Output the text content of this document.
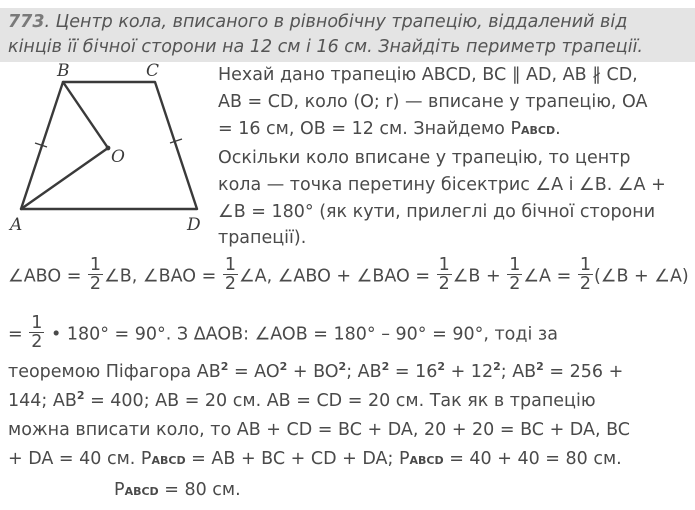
773. Центр кола, вписаного в рівнобічну трапецію, віддалений від
кінців її бічної сторони на 12 см і 16 см. Знайдіть периметр трапеції.
B	C
O
A	D
Нехай дано трапецію ABCD, BC ∥ AD, AB ∦ CD,
AB = CD, коло (O; r) — вписане у трапецію, OA
= 16 см, OB = 12 см. Знайдемо PABCD.
Оскільки коло вписане у трапецію, то центр
кола — точка перетину бісектрис ∠A і ∠B. ∠A +
∠B = 180° (як кути, прилеглі до бічної сторони
трапеції).
∠ABO = $\frac{1}{2}$ ∠B, ∠BAO = $\frac{1}{2}$ ∠A, ∠ABO + ∠BAO = $\frac{1}{2}$ ∠B + $\frac{1}{2}$ ∠A = $\frac{1}{2}$ (∠B + ∠A)
= $\frac{1}{2}$ • 180° = 90°. З ΔAOB: ∠AOB = 180° – 90° = 90°, тоді за
теоремою Піфагора $AB^2 = AO^2 + BO^2$; $AB^2 = 16^2 + 12^2$; $AB^2 = 256$ +
144; $AB^2 = 400$; AB = 20 см. AB = CD = 20 см. Так як в трапецію
можна вписати коло, то AB + CD = BC + DA, 20 + 20 = BC + DA, BC
+ DA = 40 см. PABCD = AB + BC + CD + DA; PABCD = 40 + 40 = 80 см.
PABCD = 80 см.
